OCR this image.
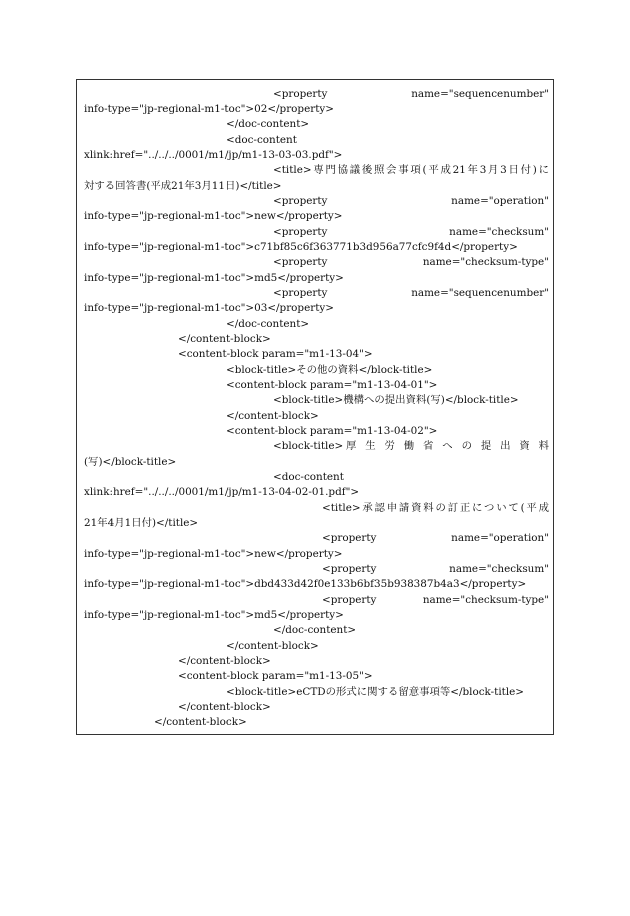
<property name="sequencenumber"
info-type="jp-regional-m1-toc">02</property>
</doc-content>
<doc-content
xlink:href="../../../0001/m1/jp/m1-13-03-03.pdf">
<title>専門協議後照会事項(平成21年3月3日付)に
対する回答書(平成21年3月11日)</title>
<property name="operation"
info-type="jp-regional-m1-toc">new</property>
<property name="checksum"
info-type="jp-regional-m1-toc">c71bf85c6f363771b3d956a77cfc9f4d</property>
<property name="checksum-type"
info-type="jp-regional-m1-toc">md5</property>
<property name="sequencenumber"
info-type="jp-regional-m1-toc">03</property>
</doc-content>
</content-block>
<content-block param="m1-13-04">
<block-title>その他の資料</block-title>
<content-block param="m1-13-04-01">
<block-title>機構への提出資料(写)</block-title>
</content-block>
<content-block param="m1-13-04-02">
<block-title>厚 生 労 働 省 へ の 提 出 資 料
(写)</block-title>
<doc-content
xlink:href="../../../0001/m1/jp/m1-13-04-02-01.pdf">
<title>承認申請資料の訂正について(平成
21年4月1日付)</title>
<property name="operation"
info-type="jp-regional-m1-toc">new</property>
<property name="checksum"
info-type="jp-regional-m1-toc">dbd433d42f0e133b6bf35b938387b4a3</property>
<property name="checksum-type"
info-type="jp-regional-m1-toc">md5</property>
</doc-content>
</content-block>
</content-block>
<content-block param="m1-13-05">
<block-title>eCTDの形式に関する留意事項等</block-title>
</content-block>
</content-block>
